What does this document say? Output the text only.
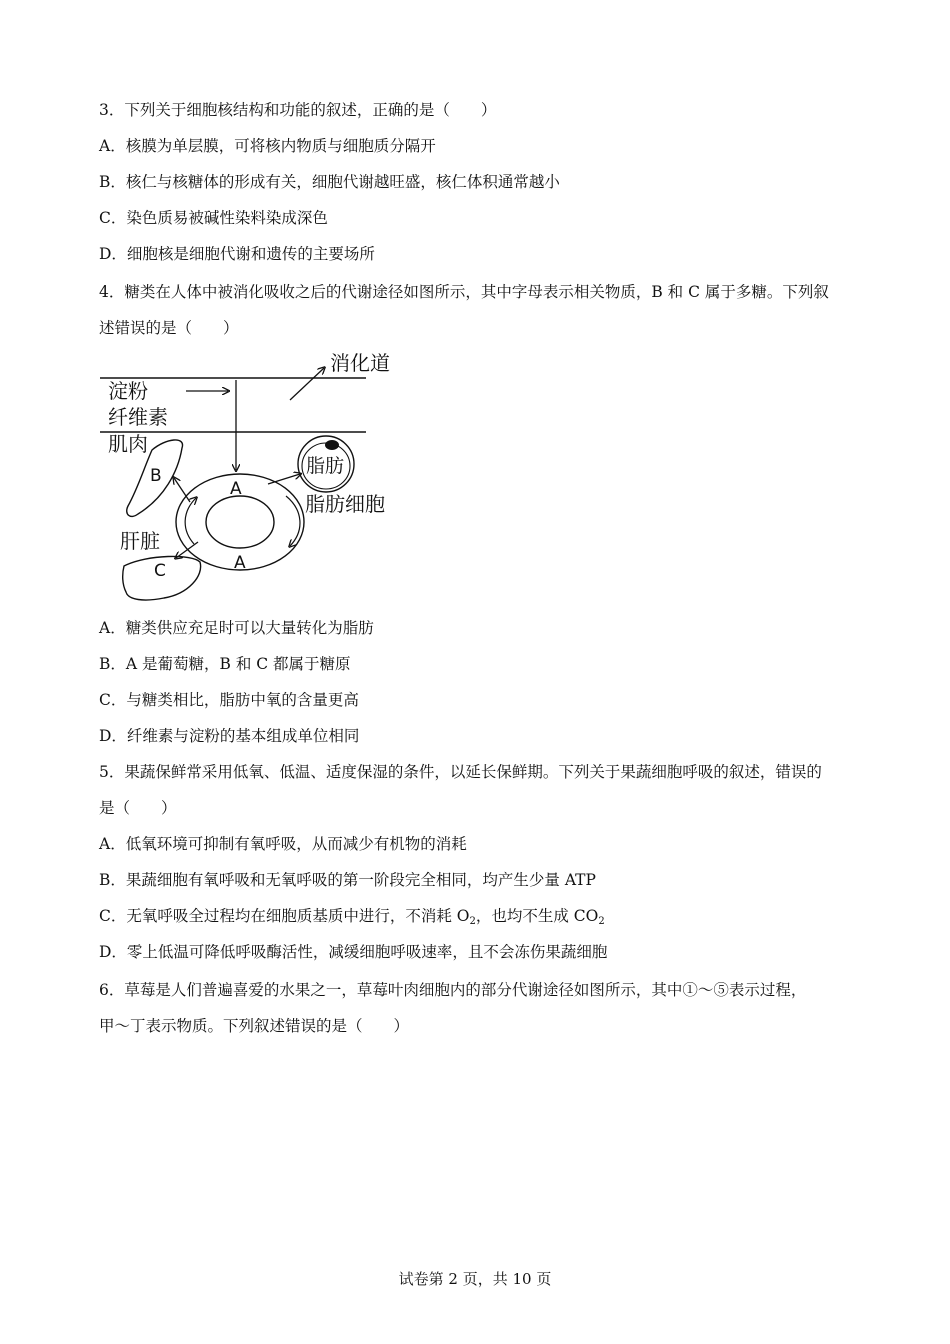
3．下列关于细胞核结构和功能的叙述，正确的是（　　）
A．核膜为单层膜，可将核内物质与细胞质分隔开
B．核仁与核糖体的形成有关，细胞代谢越旺盛，核仁体积通常越小
C．染色质易被碱性染料染成深色
D．细胞核是细胞代谢和遗传的主要场所
4．糖类在人体中被消化吸收之后的代谢途径如图所示，其中字母表示相关物质，B 和 C 属于多糖。下列叙
述错误的是（　　）
消化道
淀粉
纤维素
肌肉
B
A
A
脂肪
脂肪细胞
肝脏
C
A．糖类供应充足时可以大量转化为脂肪
B．A 是葡萄糖，B 和 C 都属于糖原
C．与糖类相比，脂肪中氧的含量更高
D．纤维素与淀粉的基本组成单位相同
5．果蔬保鲜常采用低氧、低温、适度保湿的条件，以延长保鲜期。下列关于果蔬细胞呼吸的叙述，错误的
是（　　）
A．低氧环境可抑制有氧呼吸，从而减少有机物的消耗
B．果蔬细胞有氧呼吸和无氧呼吸的第一阶段完全相同，均产生少量 ATP
C．无氧呼吸全过程均在细胞质基质中进行，不消耗 $O_2$，也均不生成 $CO_2$
D．零上低温可降低呼吸酶活性，减缓细胞呼吸速率，且不会冻伤果蔬细胞
6．草莓是人们普遍喜爱的水果之一，草莓叶肉细胞内的部分代谢途径如图所示，其中①～⑤表示过程，
甲～丁表示物质。下列叙述错误的是（　　）
试卷第 2 页，共 10 页
